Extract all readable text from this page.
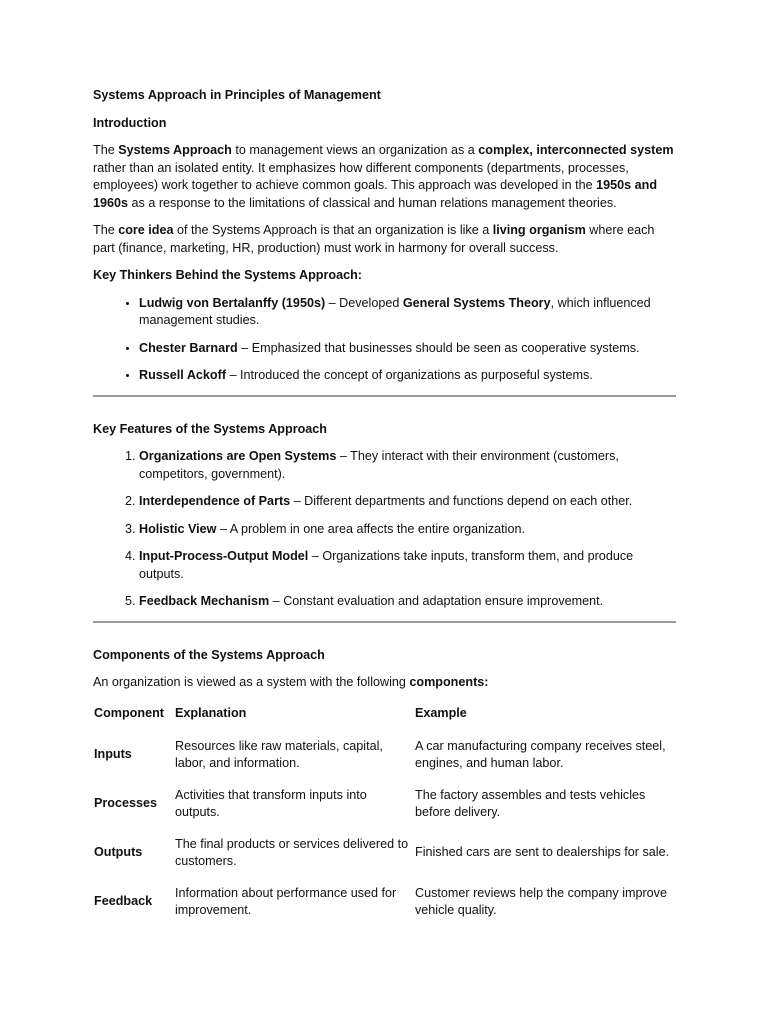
Systems Approach in Principles of Management
Introduction

The Systems Approach to management views an organization as a complex, interconnected system rather than an isolated entity. It emphasizes how different components (departments, processes, employees) work together to achieve common goals. This approach was developed in the 1950s and 1960s as a response to the limitations of classical and human relations management theories.

The core idea of the Systems Approach is that an organization is like a living organism where each part (finance, marketing, HR, production) must work in harmony for overall success.

Key Thinkers Behind the Systems Approach:
• Ludwig von Bertalanffy (1950s) – Developed General Systems Theory, which influenced management studies.
• Chester Barnard – Emphasized that businesses should be seen as cooperative systems.
• Russell Ackoff – Introduced the concept of organizations as purposeful systems.
Key Features of the Systems Approach
1. Organizations are Open Systems – They interact with their environment (customers, competitors, government).
2. Interdependence of Parts – Different departments and functions depend on each other.
3. Holistic View – A problem in one area affects the entire organization.
4. Input-Process-Output Model – Organizations take inputs, transform them, and produce outputs.
5. Feedback Mechanism – Constant evaluation and adaptation ensure improvement.
Components of the Systems Approach

An organization is viewed as a system with the following components:

Component	Explanation	Example
Inputs	Resources like raw materials, capital, labor, and information.	A car manufacturing company receives steel, engines, and human labor.
Processes	Activities that transform inputs into outputs.	The factory assembles and tests vehicles before delivery.
Outputs	The final products or services delivered to customers.	Finished cars are sent to dealerships for sale.
Feedback	Information about performance used for improvement.	Customer reviews help the company improve vehicle quality.
